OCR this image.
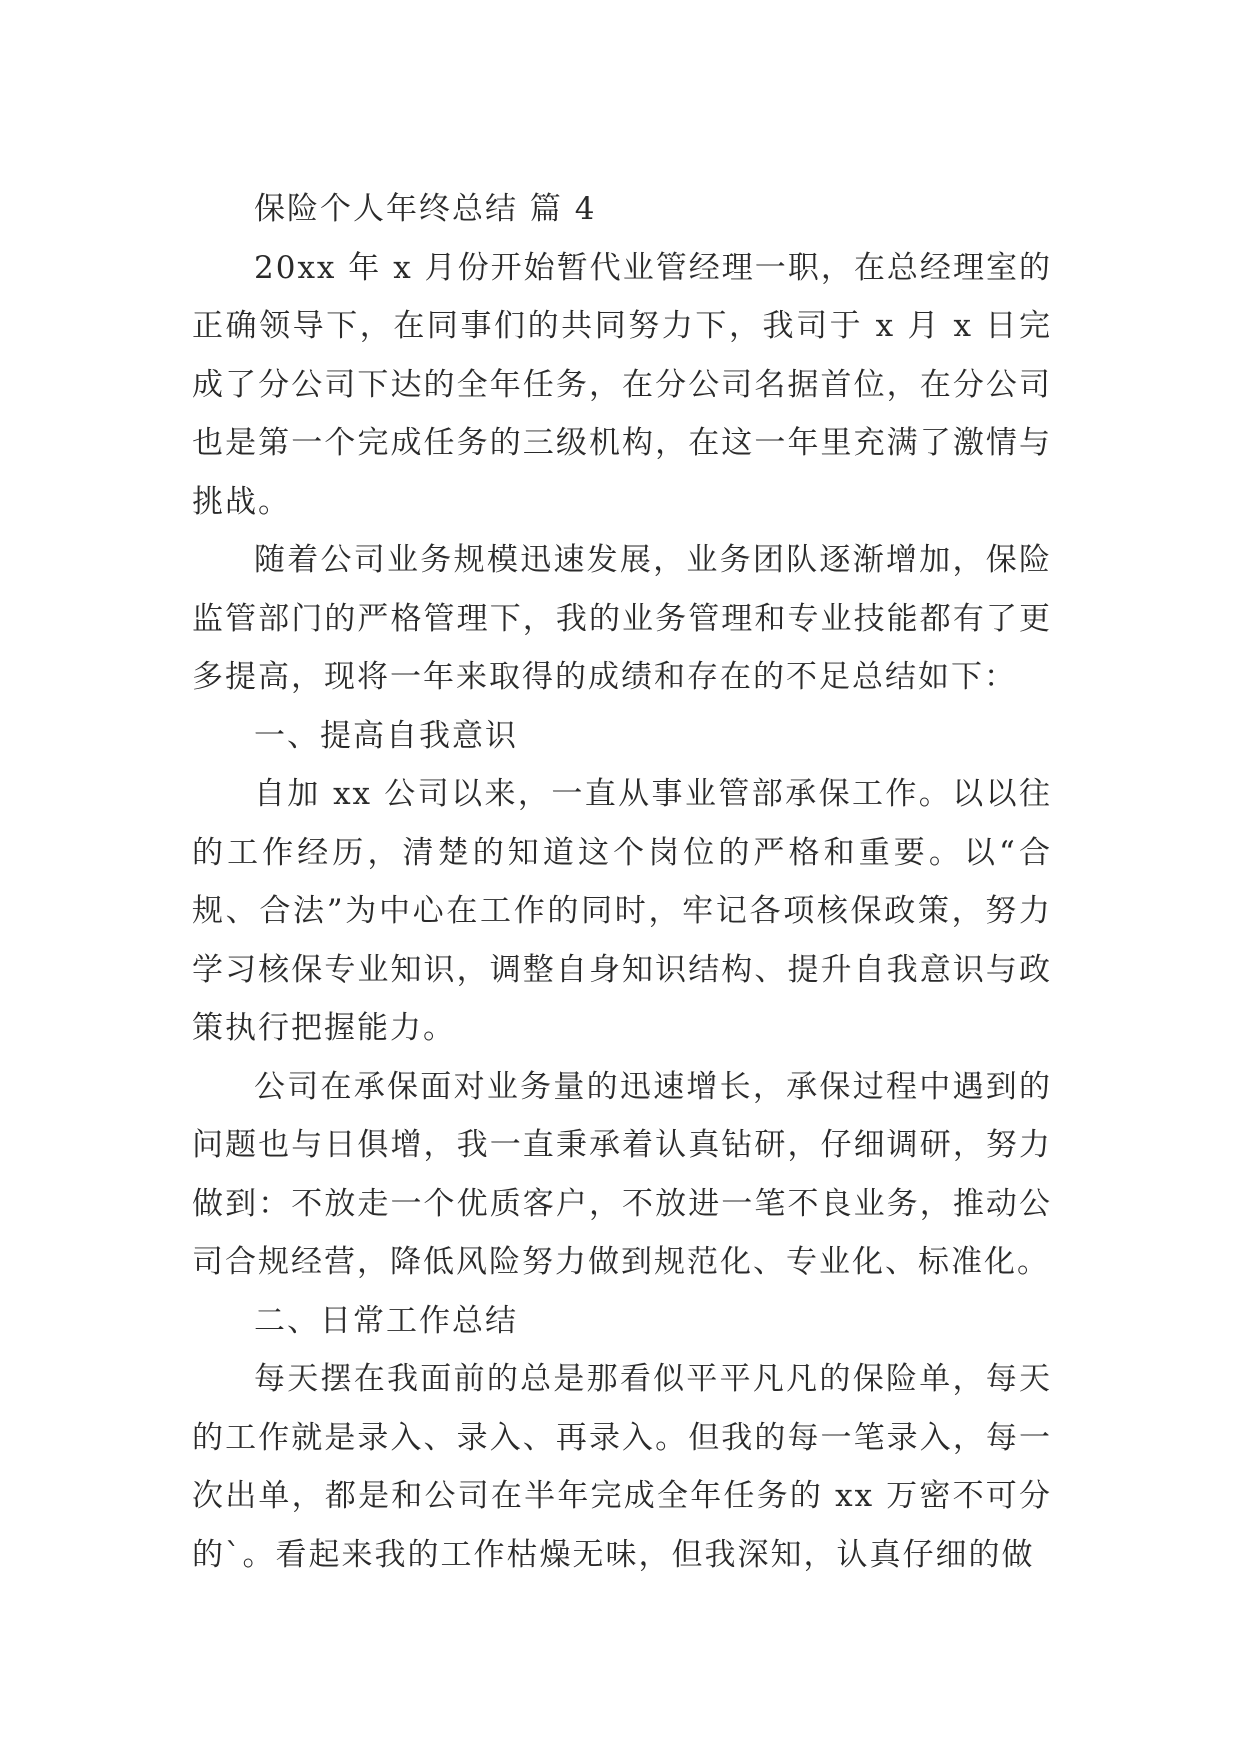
保险个人年终总结 篇 4

20xx 年 x 月份开始暂代业管经理一职，在总经理室的正确领导下，在同事们的共同努力下，我司于 x 月 x 日完成了分公司下达的全年任务，在分公司名据首位，在分公司也是第一个完成任务的三级机构，在这一年里充满了激情与挑战。

随着公司业务规模迅速发展，业务团队逐渐增加，保险监管部门的严格管理下，我的业务管理和专业技能都有了更多提高，现将一年来取得的成绩和存在的不足总结如下：

一、提高自我意识

自加 xx 公司以来，一直从事业管部承保工作。以以往的工作经历，清楚的知道这个岗位的严格和重要。以“合规、合法”为中心在工作的同时，牢记各项核保政策，努力学习核保专业知识，调整自身知识结构、提升自我意识与政策执行把握能力。

公司在承保面对业务量的迅速增长，承保过程中遇到的问题也与日俱增，我一直秉承着认真钻研，仔细调研，努力做到：不放走一个优质客户，不放进一笔不良业务，推动公司合规经营，降低风险努力做到规范化、专业化、标准化。

二、日常工作总结

每天摆在我面前的总是那看似平平凡凡的保险单，每天的工作就是录入、录入、再录入。但我的每一笔录入，每一次出单，都是和公司在半年完成全年任务的 xx 万密不可分的`。看起来我的工作枯燥无味，但我深知，认真仔细的做
